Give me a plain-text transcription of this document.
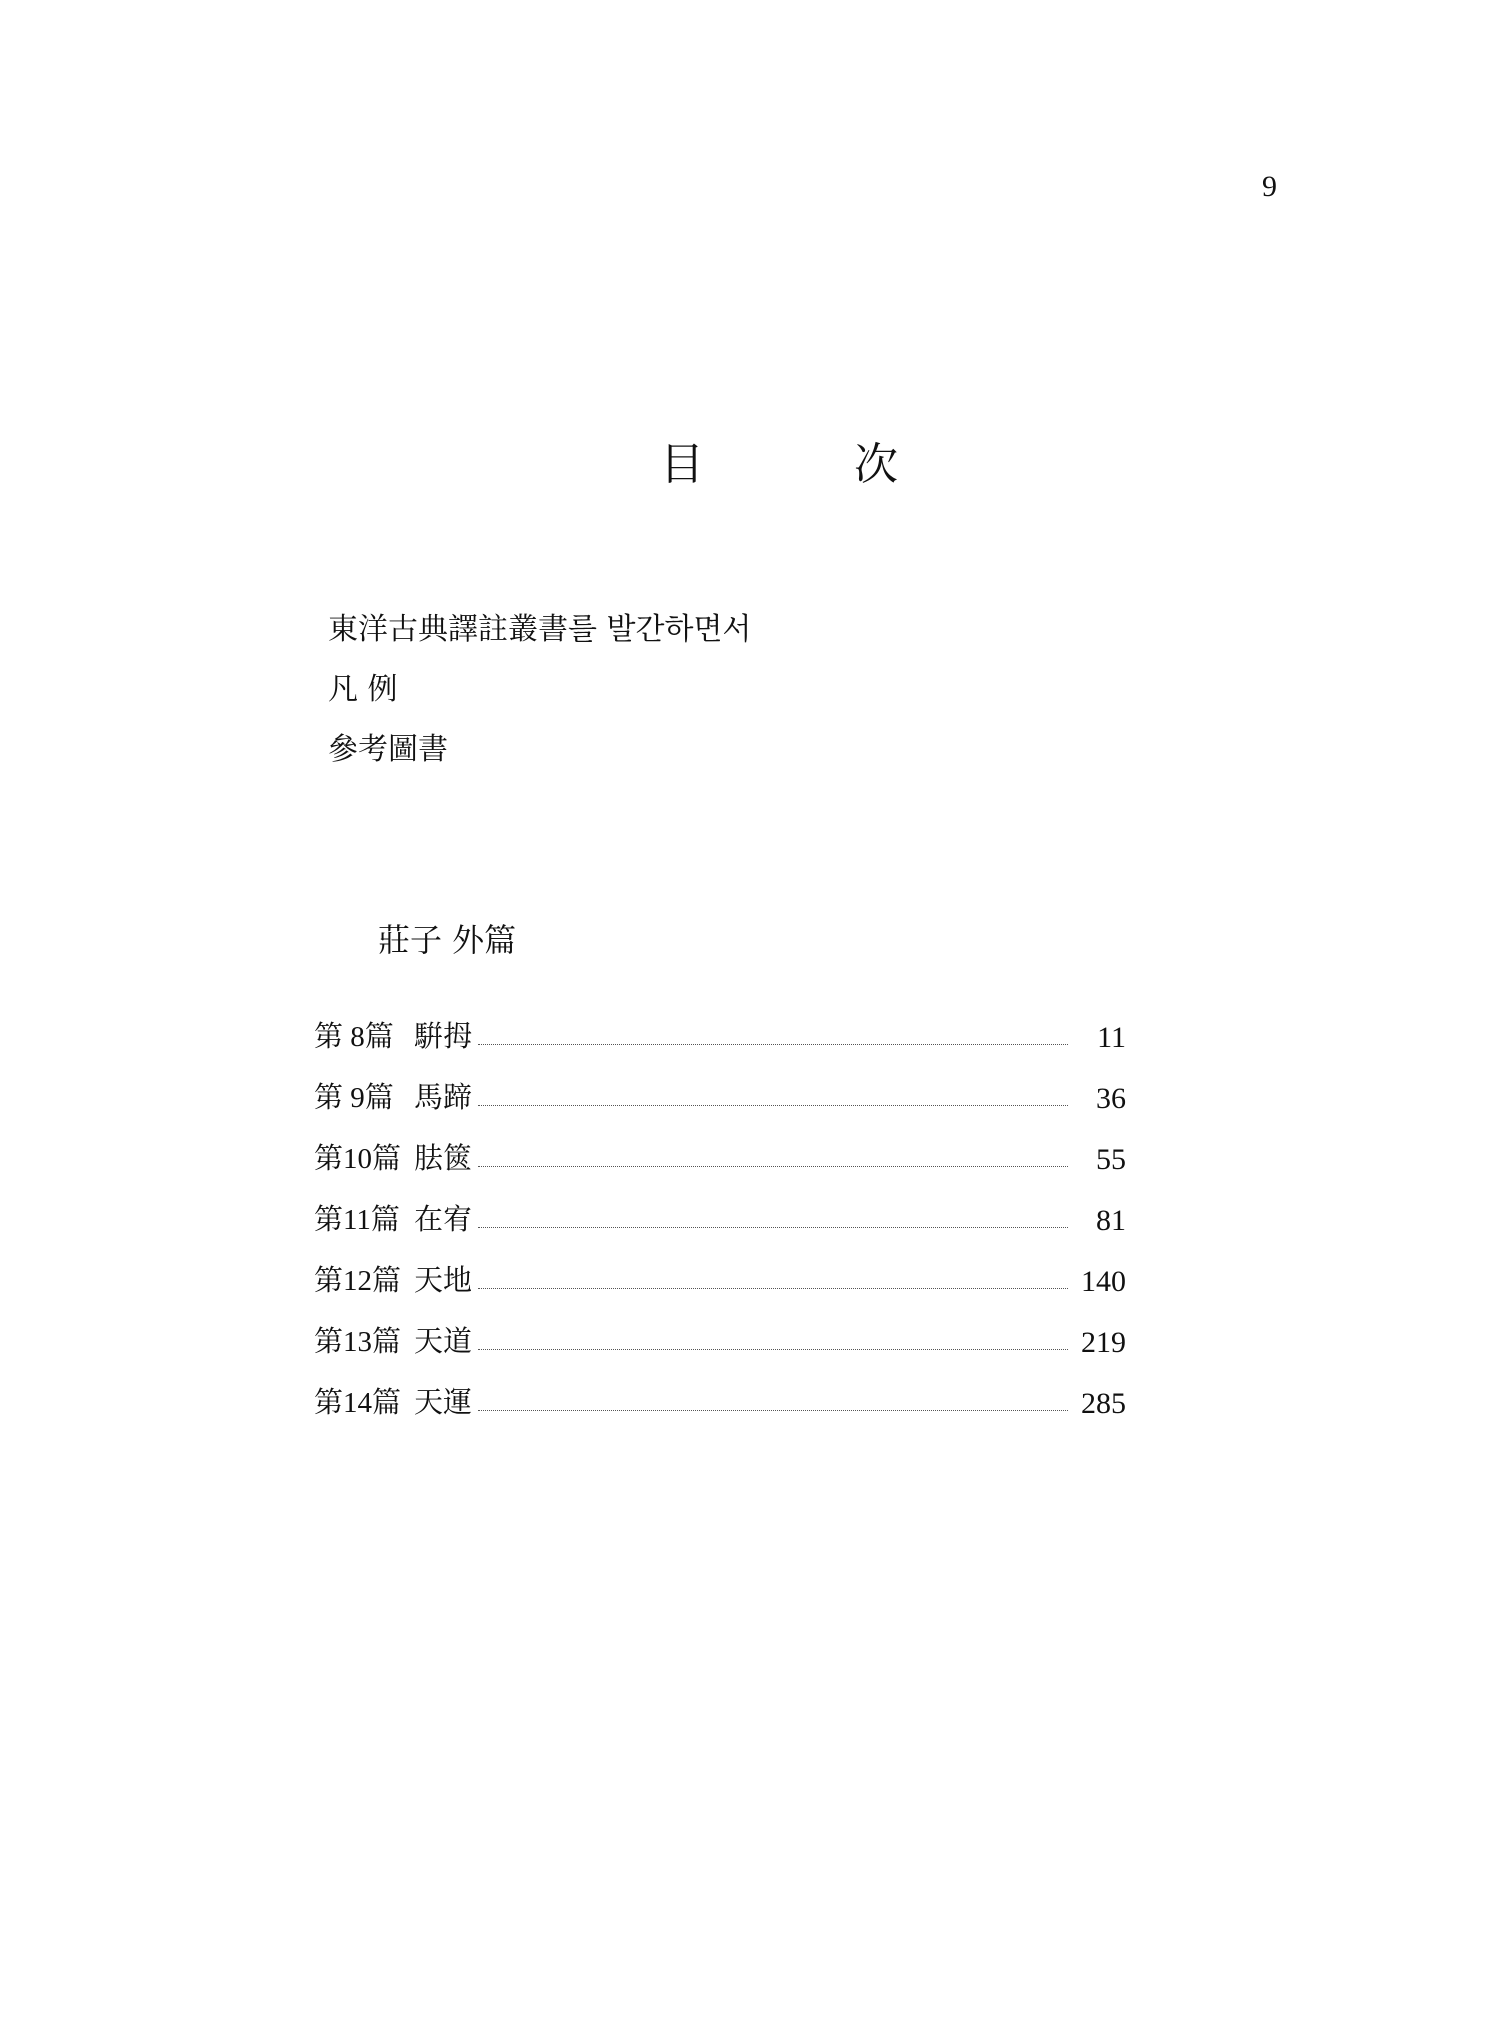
9
目 次
東洋古典譯註叢書를 발간하면서
凡 例
參考圖書
莊子 外篇
第 8篇 騈拇	11
第 9篇 馬蹄	36
第10篇 胠篋	55
第11篇 在宥	81
第12篇 天地	140
第13篇 天道	219
第14篇 天運	285
